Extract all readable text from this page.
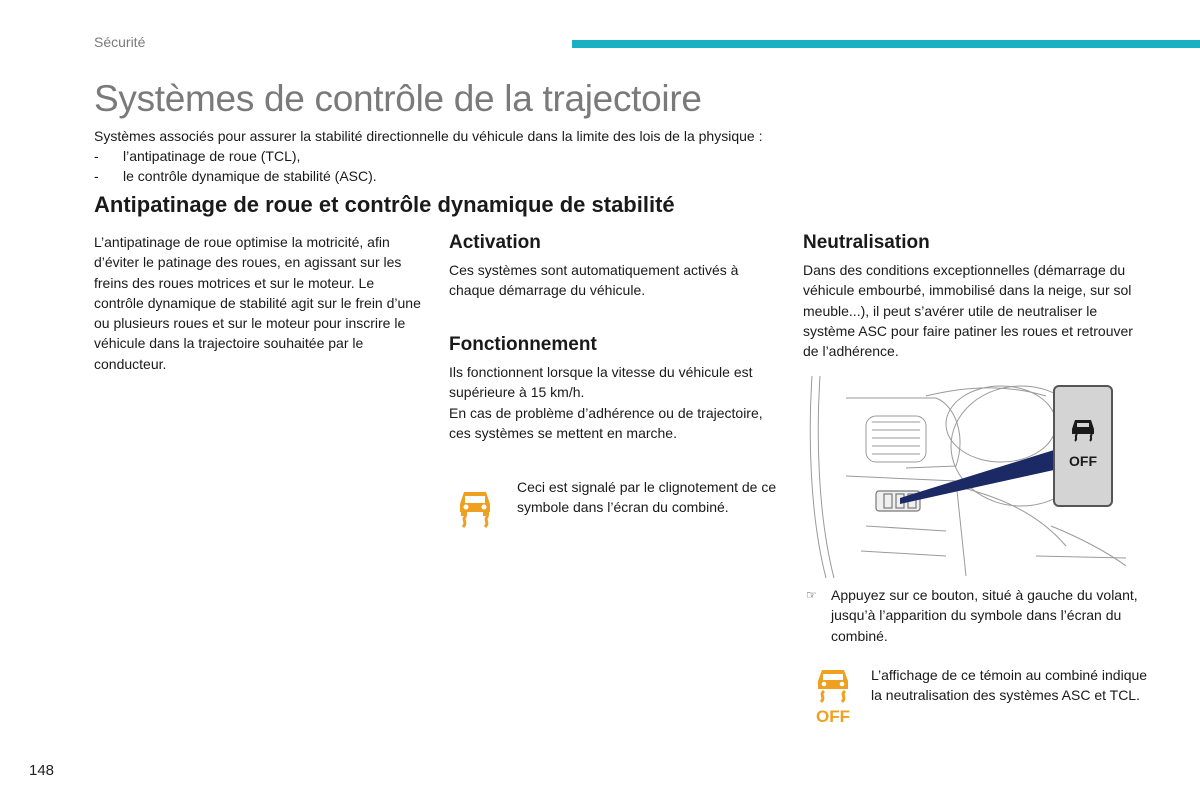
Sécurité
Systèmes de contrôle de la trajectoire
Systèmes associés pour assurer la stabilité directionnelle du véhicule dans la limite des lois de la physique :
- l’antipatinage de roue (TCL),
- le contrôle dynamique de stabilité (ASC).
Antipatinage de roue et contrôle dynamique de stabilité
L’antipatinage de roue optimise la motricité, afin d’éviter le patinage des roues, en agissant sur les freins des roues motrices et sur le moteur. Le contrôle dynamique de stabilité agit sur le frein d’une ou plusieurs roues et sur le moteur pour inscrire le véhicule dans la trajectoire souhaitée par le conducteur.
Activation
Ces systèmes sont automatiquement activés à chaque démarrage du véhicule.
Fonctionnement
Ils fonctionnent lorsque la vitesse du véhicule est supérieure à 15 km/h.
En cas de problème d’adhérence ou de trajectoire, ces systèmes se mettent en marche.
Ceci est signalé par le clignotement de ce symbole dans l’écran du combiné.
Neutralisation
Dans des conditions exceptionnelles (démarrage du véhicule embourbé, immobilisé dans la neige, sur sol meuble...), il peut s’avérer utile de neutraliser le système ASC pour faire patiner les roues et retrouver de l’adhérence.
OFF
☞ Appuyez sur ce bouton, situé à gauche du volant, jusqu’à l’apparition du symbole dans l’écran du combiné.
OFF
L’affichage de ce témoin au combiné indique la neutralisation des systèmes ASC et TCL.
148
